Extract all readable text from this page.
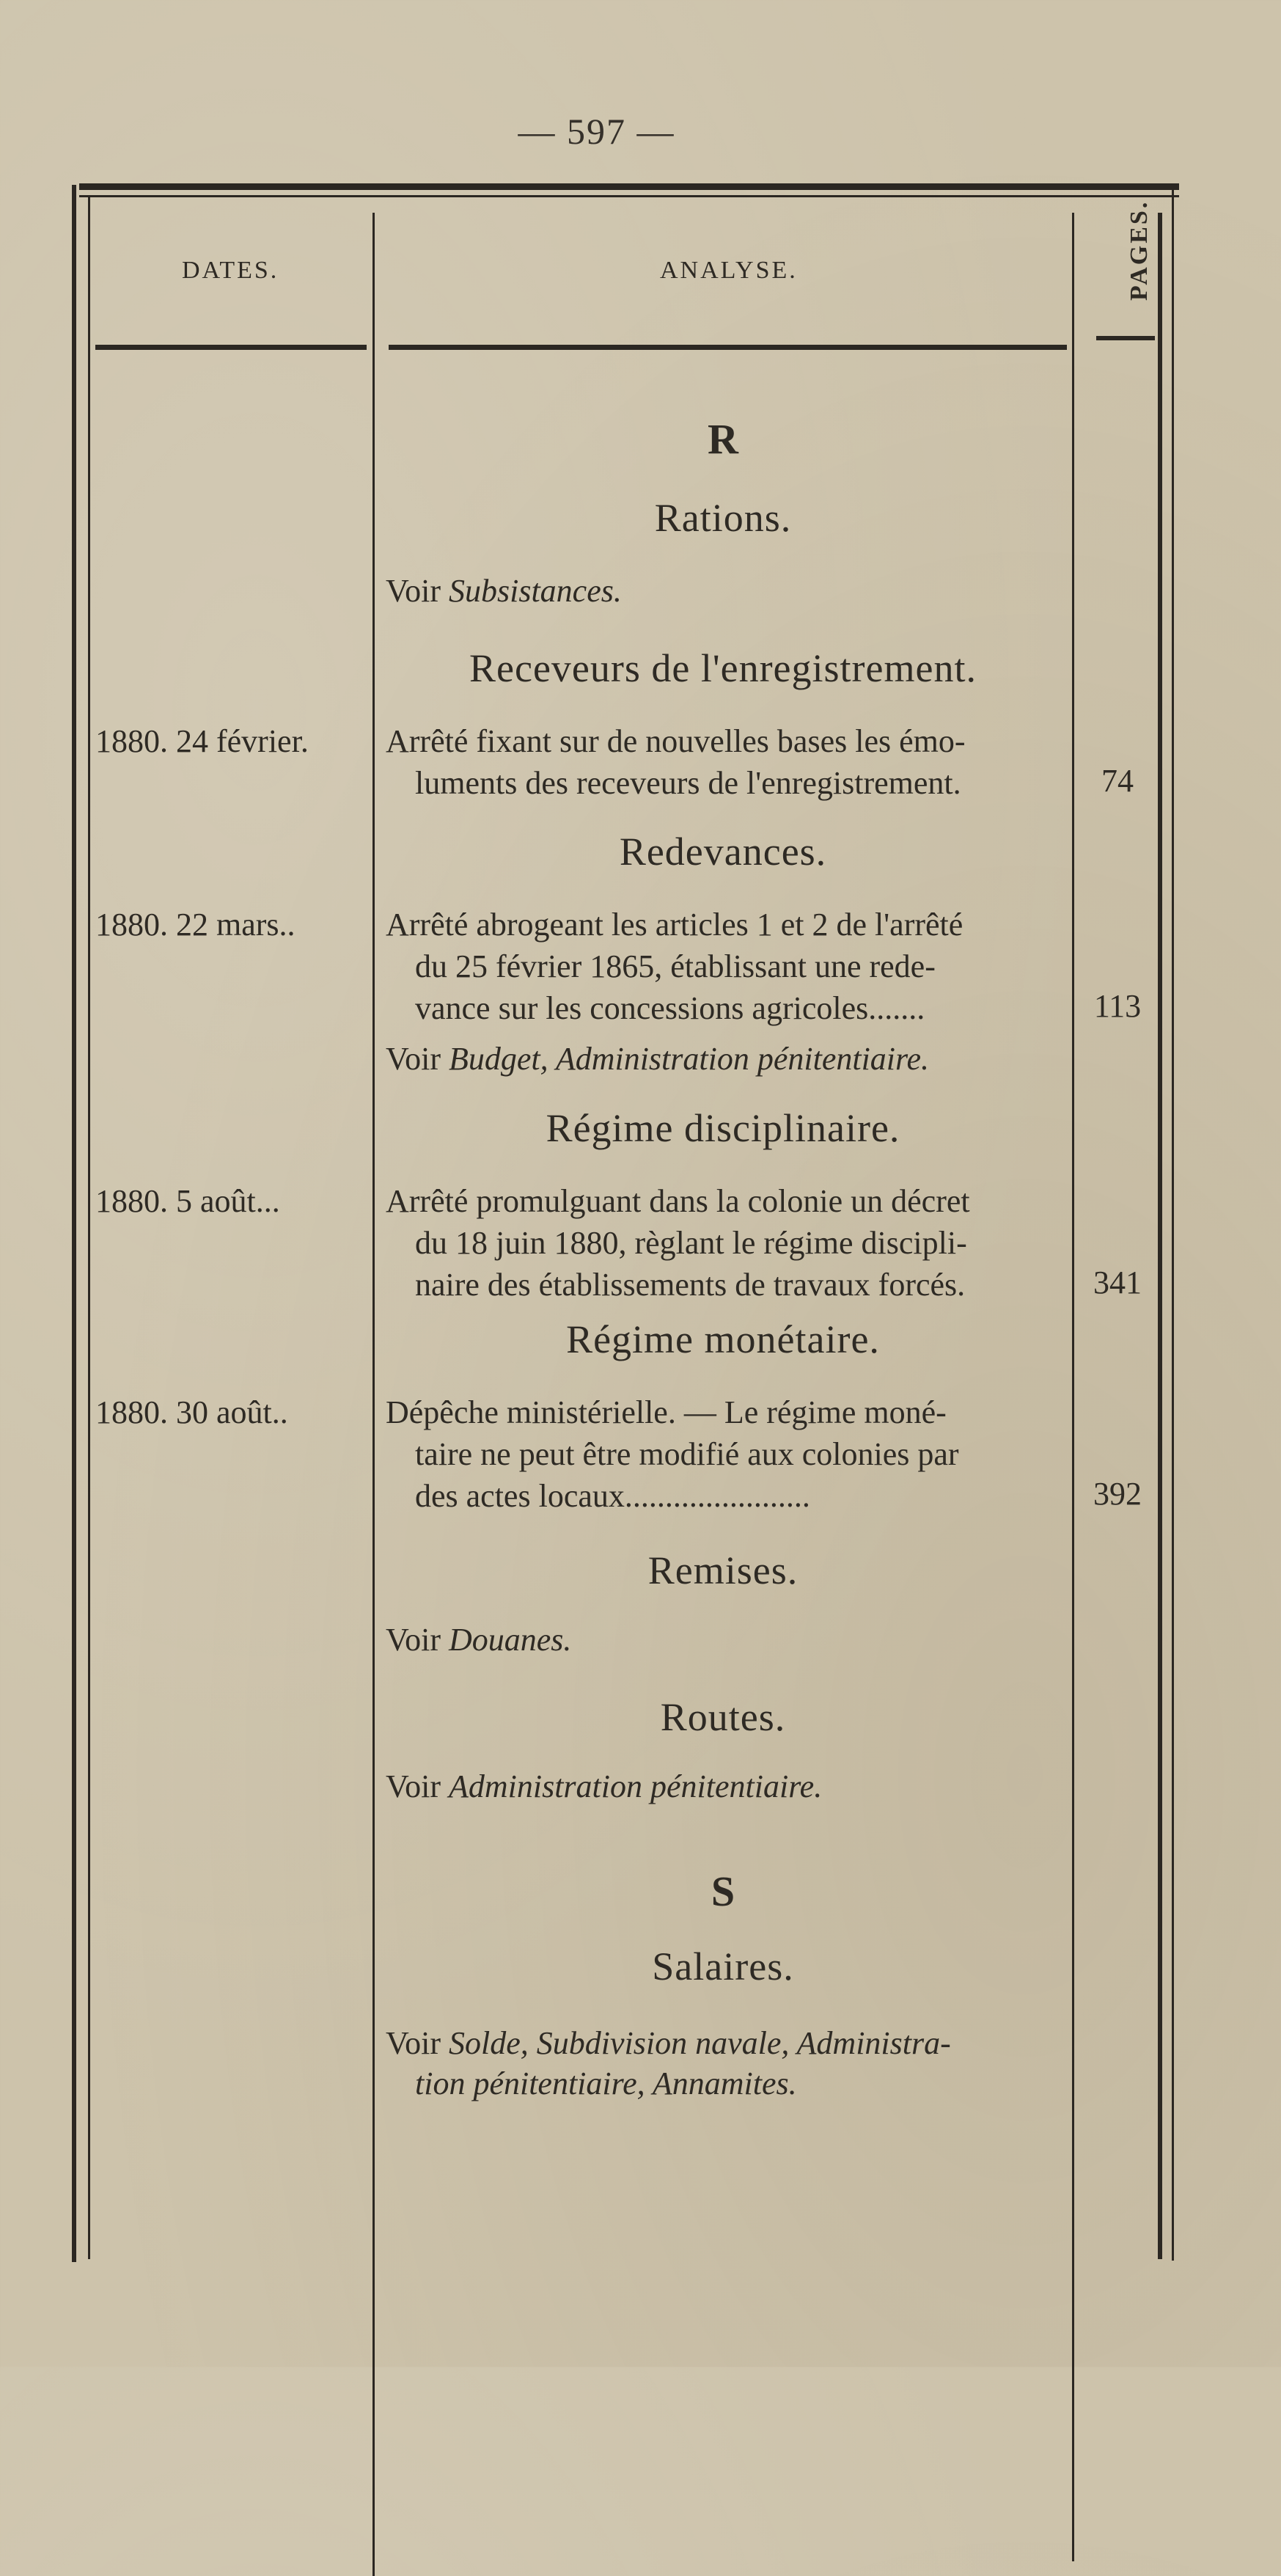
— 597 —
DATES.	ANALYSE.	PAGES.
R
Rations.
Voir Subsistances.
Receveurs de l'enregistrement.
1880. 24 février. Arrêté fixant sur de nouvelles bases les émo-
luments des receveurs de l'enregistrement.	74
Redevances.
1880. 22 mars..	Arrêté abrogeant les articles 1 et 2 de l'arrêté
du 25 février 1865, établissant une rede-
vance sur les concessions agricoles.......	113
Voir Budget, Administration pénitentiaire.
Régime disciplinaire.
1880. 5 août...	Arrêté promulguant dans la colonie un décret
du 18 juin 1880, règlant le régime discipli-
naire des établissements de travaux forcés.	341
Régime monétaire.
1880. 30 août..	Dépêche ministérielle. — Le régime moné-
taire ne peut être modifié aux colonies par
des actes locaux.......................	392
Remises.
Voir Douanes.
Routes.
Voir Administration pénitentiaire.
S
Salaires.
Voir Solde, Subdivision navale, Administra-
tion pénitentiaire, Annamites.
